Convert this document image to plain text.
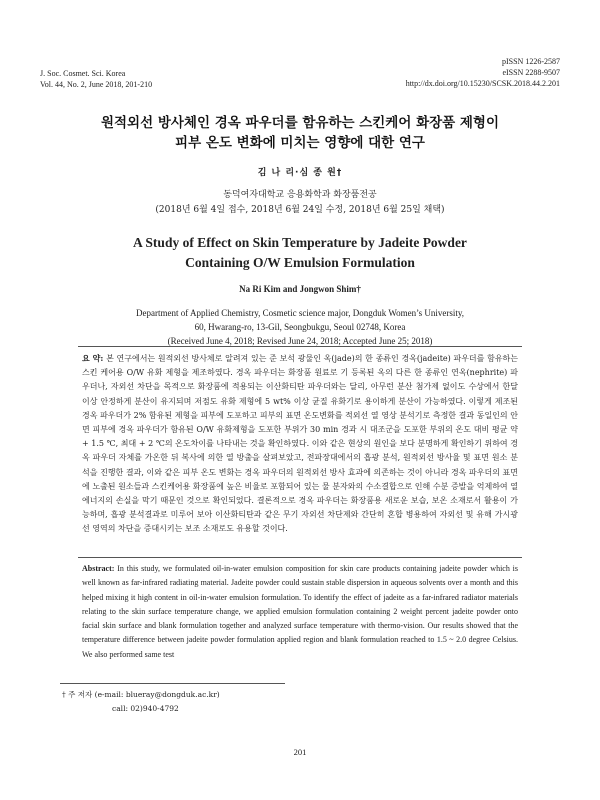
J. Soc. Cosmet. Sci. Korea
Vol. 44, No. 2, June 2018, 201-210
pISSN 1226-2587
eISSN 2288-9507
http://dx.doi.org/10.15230/SCSK.2018.44.2.201
원적외선 방사체인 경옥 파우더를 함유하는 스킨케어 화장품 제형이
피부 온도 변화에 미치는 영향에 대한 연구
김 나 리·심 종 원†
동덕여자대학교 응용화학과 화장품전공
(2018년 6월 4일 접수, 2018년 6월 24일 수정, 2018년 6월 25일 채택)
A Study of Effect on Skin Temperature by Jadeite Powder
Containing O/W Emulsion Formulation
Na Ri Kim and Jongwon Shim†
Department of Applied Chemistry, Cosmetic science major, Dongduk Women’s University,
60, Hwarang-ro, 13-Gil, Seongbukgu, Seoul 02748, Korea
(Received June 4, 2018; Revised June 24, 2018; Accepted June 25; 2018)
요 약: 본 연구에서는 원적외선 방사체로 알려져 있는 준 보석 광물인 옥(jade)의 한 종류인 경옥(jadeite) 파우더를 함유하는 스킨 케어용 O/W 유화 제형을 제조하였다. 경옥 파우더는 화장품 원료로 기 등록된 옥의 다른 한 종류인 연옥(nephrite) 파우더나, 자외선 차단을 목적으로 화장품에 적용되는 이산화티탄 파우더와는 달리, 아무런 분산 첨가제 없이도 수상에서 한달 이상 안정하게 분산이 유지되며 저점도 유화 제형에 5 wt% 이상 균질 유화기로 용이하게 분산이 가능하였다. 이렇게 제조된 경옥 파우더가 2% 함유된 제형을 피부에 도포하고 피부의 표면 온도변화를 적외선 열 영상 분석기로 측정한 결과 동일인의 안면 피부에 경옥 파우더가 함유된 O/W 유화제형을 도포한 부위가 30 min 경과 시 대조군을 도포한 부위의 온도 대비 평균 약 + 1.5 ℃, 최대 + 2 ℃의 온도차이를 나타내는 것을 확인하였다. 이와 같은 현상의 원인을 보다 분명하게 확인하기 위하여 경옥 파우더 자체를 가온한 뒤 복사에 의한 열 방출을 살펴보았고, 전파장대에서의 흡광 분석, 원적외선 방사율 및 표면 원소 분석을 진행한 결과, 이와 같은 피부 온도 변화는 경옥 파우더의 원적외선 방사 효과에 의존하는 것이 아니라 경옥 파우더의 표면에 노출된 원소들과 스킨케어용 화장품에 높은 비율로 포함되어 있는 물 분자와의 수소결합으로 인해 수분 증발을 억제하여 열에너지의 손실을 막기 때문인 것으로 확인되었다. 결론적으로 경옥 파우더는 화장품용 새로운 보습, 보온 소재로서 활용이 가능하며, 흡광 분석결과로 미루어 보아 이산화티탄과 같은 무기 자외선 차단제와 간단히 혼합 병용하여 자외선 및 유해 가시광선 영역의 차단을 증대시키는 보조 소재로도 유용할 것이다.
Abstract: In this study, we formulated oil-in-water emulsion composition for skin care products containing jadeite powder which is well known as far-infrared radiating material. Jadeite powder could sustain stable dispersion in aqueous solvents over a month and this helped mixing it high content in oil-in-water emulsion formulation. To identify the effect of jadeite as a far-infrared radiator materials relating to the skin surface temperature change, we applied emulsion formulation containing 2 weight percent jadeite powder onto facial skin surface and blank formulation together and analyzed surface temperature with thermo-vision. Our results showed that the temperature difference between jadeite powder formulation applied region and blank formulation reached to 1.5 ~ 2.0 degree Celsius. We also performed same test
† 주 저자 (e-mail: blueray@dongduk.ac.kr)
call: 02)940-4792
201
